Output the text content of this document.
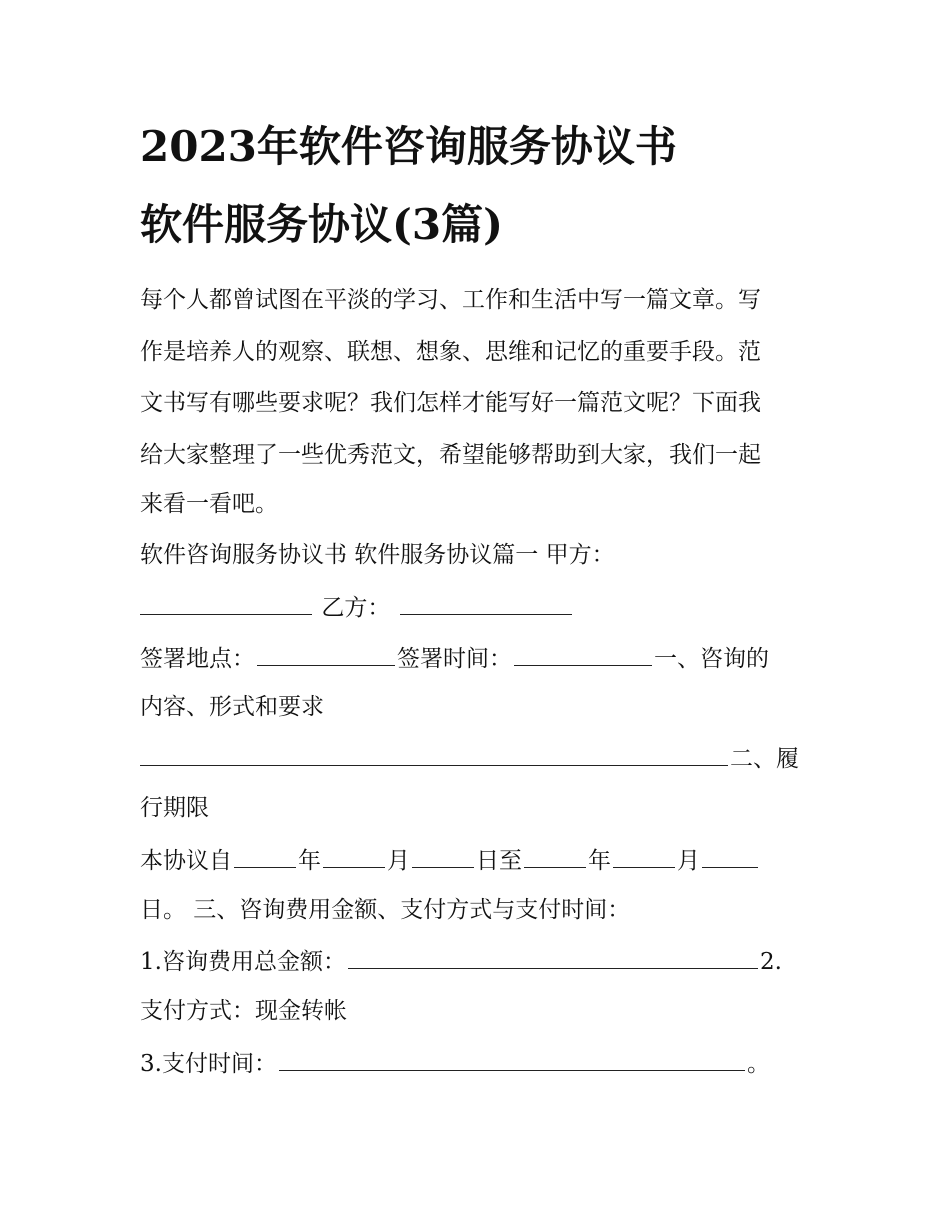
2023年软件咨询服务协议书
软件服务协议(3篇)
每个人都曾试图在平淡的学习、工作和生活中写一篇文章。写
作是培养人的观察、联想、想象、思维和记忆的重要手段。范
文书写有哪些要求呢？我们怎样才能写好一篇范文呢？下面我
给大家整理了一些优秀范文，希望能够帮助到大家，我们一起
来看一看吧。
软件咨询服务协议书 软件服务协议篇一 甲方：
乙方：
签署地点：	签署时间：	一、咨询的
内容、形式和要求
二、履
行期限
本协议自	年	月	日至	年	月
日。 三、咨询费用金额、支付方式与支付时间：
1.咨询费用总金额：	2.
支付方式：现金转帐
3.支付时间：	。
